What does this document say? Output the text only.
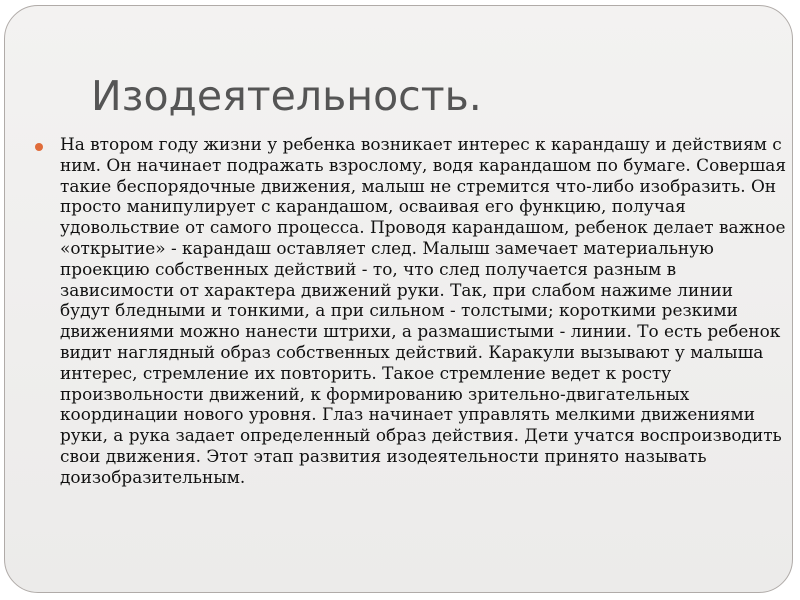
Изодеятельность.

На втором году жизни у ребенка возникает интерес к карандашу и действиям с ним. Он начинает подражать взрослому, водя карандашом по бумаге. Совершая такие беспорядочные движения, малыш не стремится что-либо изобразить. Он просто манипулирует с карандашом, осваивая его функцию, получая удовольствие от самого процесса. Проводя карандашом, ребенок делает важное «открытие» - карандаш оставляет след. Малыш замечает материальную проекцию собственных действий - то, что след получается разным в зависимости от характера движений руки. Так, при слабом нажиме линии будут бледными и тонкими, а при сильном - толстыми; короткими резкими движениями можно нанести штрихи, а размашистыми - линии. То есть ребенок видит наглядный образ собственных действий. Каракули вызывают у малыша интерес, стремление их повторить. Такое стремление ведет к росту произвольности движений, к формированию зрительно-двигательных координации нового уровня. Глаз начинает управлять мелкими движениями руки, а рука задает определенный образ действия. Дети учатся воспроизводить свои движения. Этот этап развития изодеятельности принято называть доизобразительным.
